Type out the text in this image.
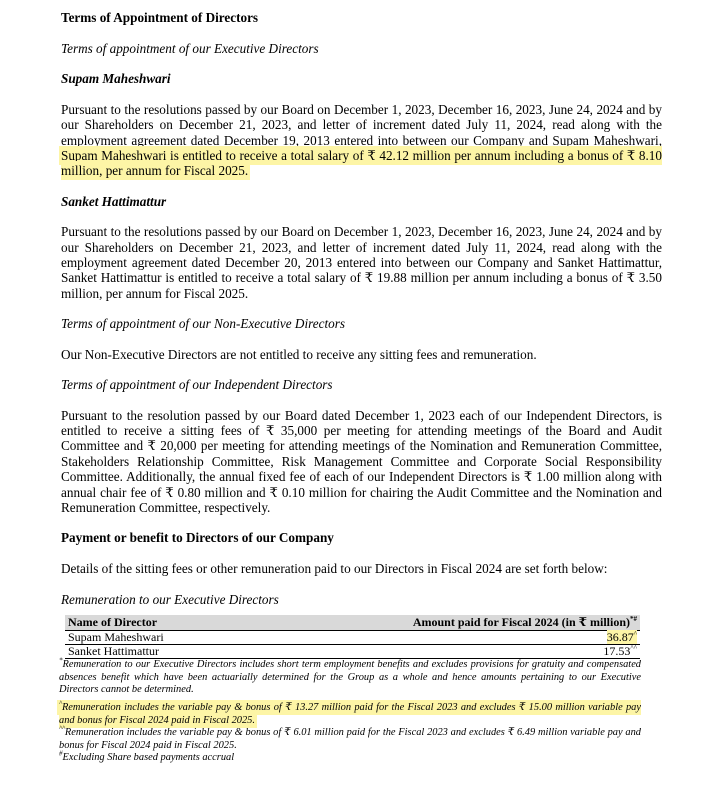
Terms of Appointment of Directors

Terms of appointment of our Executive Directors

Supam Maheshwari

Pursuant to the resolutions passed by our Board on December 1, 2023, December 16, 2023, June 24, 2024 and by our Shareholders on December 21, 2023, and letter of increment dated July 11, 2024, read along with the employment agreement dated December 19, 2013 entered into between our Company and Supam Maheshwari, Supam Maheshwari is entitled to receive a total salary of ₹ 42.12 million per annum including a bonus of ₹ 8.10 million, per annum for Fiscal 2025.

Sanket Hattimattur

Pursuant to the resolutions passed by our Board on December 1, 2023, December 16, 2023, June 24, 2024 and by our Shareholders on December 21, 2023, and letter of increment dated July 11, 2024, read along with the employment agreement dated December 20, 2013 entered into between our Company and Sanket Hattimattur, Sanket Hattimattur is entitled to receive a total salary of ₹ 19.88 million per annum including a bonus of ₹ 3.50 million, per annum for Fiscal 2025.

Terms of appointment of our Non-Executive Directors

Our Non-Executive Directors are not entitled to receive any sitting fees and remuneration.

Terms of appointment of our Independent Directors

Pursuant to the resolution passed by our Board dated December 1, 2023 each of our Independent Directors, is entitled to receive a sitting fees of ₹ 35,000 per meeting for attending meetings of the Board and Audit Committee and ₹ 20,000 per meeting for attending meetings of the Nomination and Remuneration Committee, Stakeholders Relationship Committee, Risk Management Committee and Corporate Social Responsibility Committee. Additionally, the annual fixed fee of each of our Independent Directors is ₹ 1.00 million along with annual chair fee of ₹ 0.80 million and ₹ 0.10 million for chairing the Audit Committee and the Nomination and Remuneration Committee, respectively.

Payment or benefit to Directors of our Company

Details of the sitting fees or other remuneration paid to our Directors in Fiscal 2024 are set forth below:

Remuneration to our Executive Directors

Name of Director	Amount paid for Fiscal 2024 (in ₹ million)*#
Supam Maheshwari	36.87^
Sanket Hattimattur	17.53^^

*Remuneration to our Executive Directors includes short term employment benefits and excludes provisions for gratuity and compensated absences benefit which have been actuarially determined for the Group as a whole and hence amounts pertaining to our Executive Directors cannot be determined.

^Remuneration includes the variable pay & bonus of ₹ 13.27 million paid for the Fiscal 2023 and excludes ₹ 15.00 million variable pay and bonus for Fiscal 2024 paid in Fiscal 2025.

^^Remuneration includes the variable pay & bonus of ₹ 6.01 million paid for the Fiscal 2023 and excludes ₹ 6.49 million variable pay and bonus for Fiscal 2024 paid in Fiscal 2025.

#Excluding Share based payments accrual
